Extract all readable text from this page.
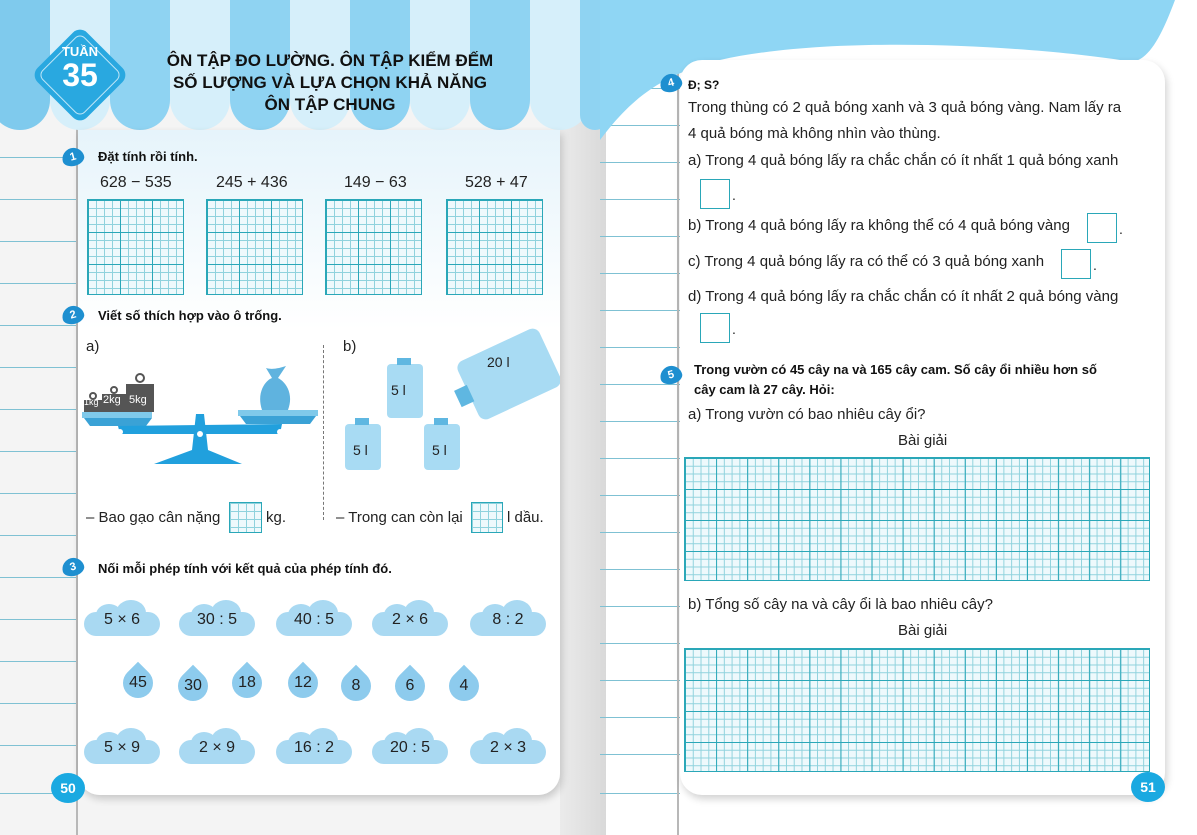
TUẦN
35	ÔN TẬP ĐO LƯỜNG. ÔN TẬP KIỂM ĐẾM
SỐ LƯỢNG VÀ LỰA CHỌN KHẢ NĂNG
ÔN TẬP CHUNG
1	Đặt tính rồi tính.
628 − 535	245 + 436	149 − 63	528 + 47
2	Viết số thích hợp vào ô trống.
a)	b)
1kg 2kg 5kg
5 l
5 l	5 l
20 l
– Bao gạo cân nặng	kg.	– Trong can còn lại	l dầu.
3	Nối mỗi phép tính với kết quả của phép tính đó.
5 × 6	30 : 5	40 : 5	2 × 6	8 : 2
45	30	18	12	8	6	4
5 × 9	2 × 9	16 : 2	20 : 5	2 × 3
50
4	Đ; S?
Trong thùng có 2 quả bóng xanh và 3 quả bóng vàng. Nam lấy ra
4 quả bóng mà không nhìn vào thùng.
a) Trong 4 quả bóng lấy ra chắc chắn có ít nhất 1 quả bóng xanh
.
b) Trong 4 quả bóng lấy ra không thể có 4 quả bóng vàng	.
c) Trong 4 quả bóng lấy ra có thể có 3 quả bóng xanh	.
d) Trong 4 quả bóng lấy ra chắc chắn có ít nhất 2 quả bóng vàng
.
5	Trong vườn có 45 cây na và 165 cây cam. Số cây ổi nhiều hơn số
cây cam là 27 cây. Hỏi:
a) Trong vườn có bao nhiêu cây ổi?
Bài giải
b) Tổng số cây na và cây ổi là bao nhiêu cây?
Bài giải
51
